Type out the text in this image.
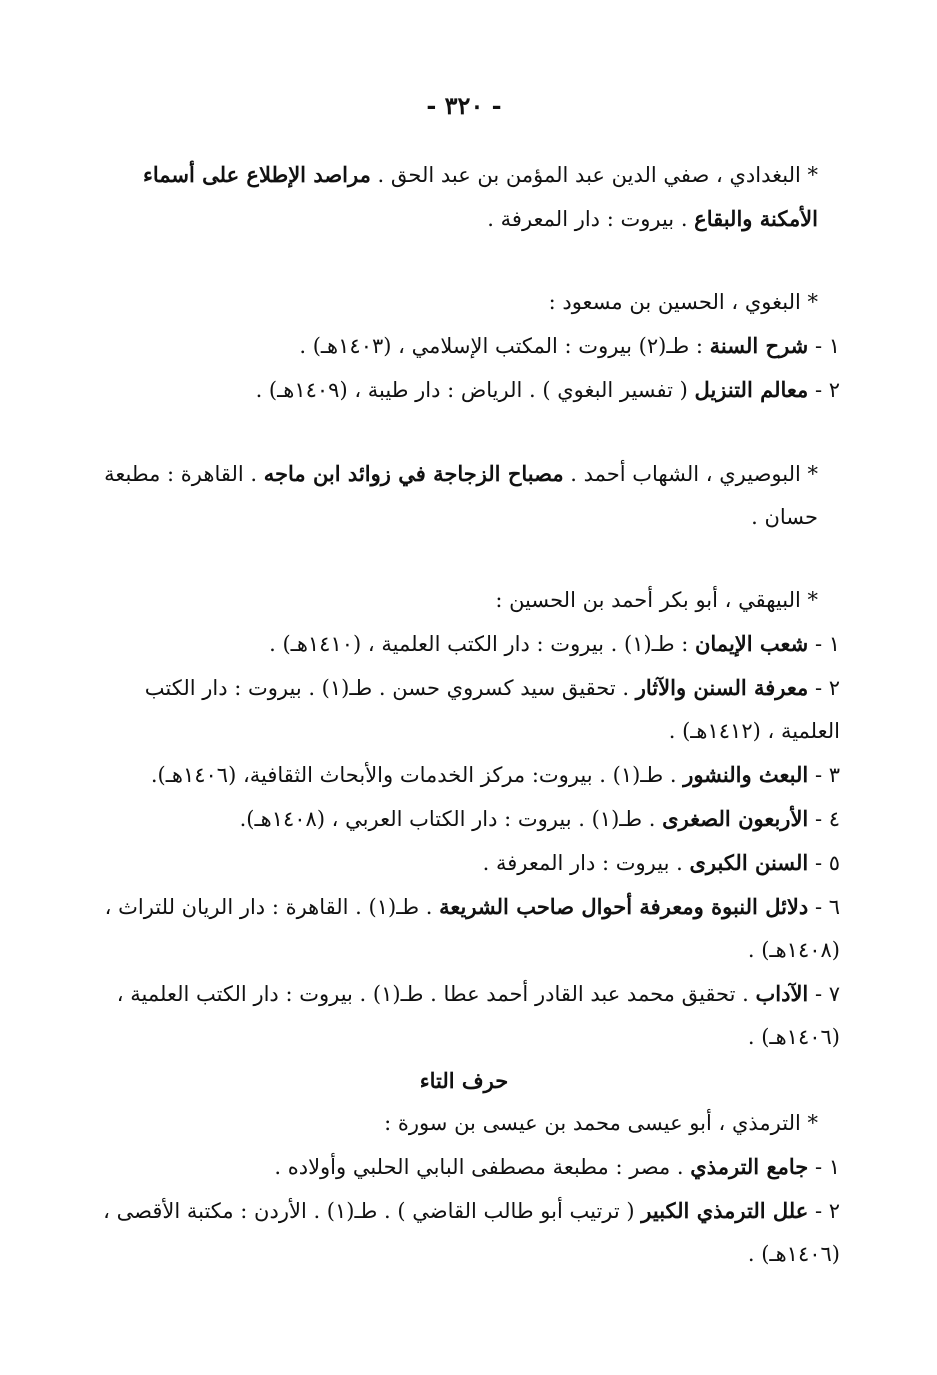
- ٣٢٠ -

* البغدادي ، صفي الدين عبد المؤمن بن عبد الحق . مراصد الإطلاع على أسماء الأمكنة والبقاع . بيروت : دار المعرفة .

* البغوي ، الحسين بن مسعود :

١ - شرح السنة : طـ(٢) بيروت : المكتب الإسلامي ، (١٤٠٣هـ) .

٢ - معالم التنزيل ( تفسير البغوي ) . الرياض : دار طيبة ، (١٤٠٩هـ) .

* البوصيري ، الشهاب أحمد . مصباح الزجاجة في زوائد ابن ماجه . القاهرة : مطبعة حسان .

* البيهقي ، أبو بكر أحمد بن الحسين :

١ - شعب الإيمان : طـ(١) . بيروت : دار الكتب العلمية ، (١٤١٠هـ) .

٢ - معرفة السنن والآثار . تحقيق سيد كسروي حسن . طـ(١) . بيروت : دار الكتب العلمية ، (١٤١٢هـ) .

٣ - البعث والنشور . طـ(١) . بيروت: مركز الخدمات والأبحاث الثقافية، (١٤٠٦هـ).

٤ - الأربعون الصغرى . طـ(١) . بيروت : دار الكتاب العربي ، (١٤٠٨هـ).

٥ - السنن الكبرى . بيروت : دار المعرفة .

٦ - دلائل النبوة ومعرفة أحوال صاحب الشريعة . طـ(١) . القاهرة : دار الريان للتراث ، (١٤٠٨هـ) .

٧ - الآداب . تحقيق محمد عبد القادر أحمد عطا . طـ(١) . بيروت : دار الكتب العلمية ، (١٤٠٦هـ) .

حرف التاء

* الترمذي ، أبو عيسى محمد بن عيسى بن سورة :

١ - جامع الترمذي . مصر : مطبعة مصطفى البابي الحلبي وأولاده .

٢ - علل الترمذي الكبير ( ترتيب أبو طالب القاضي ) . طـ(١) . الأردن : مكتبة الأقصى ، (١٤٠٦هـ) .
